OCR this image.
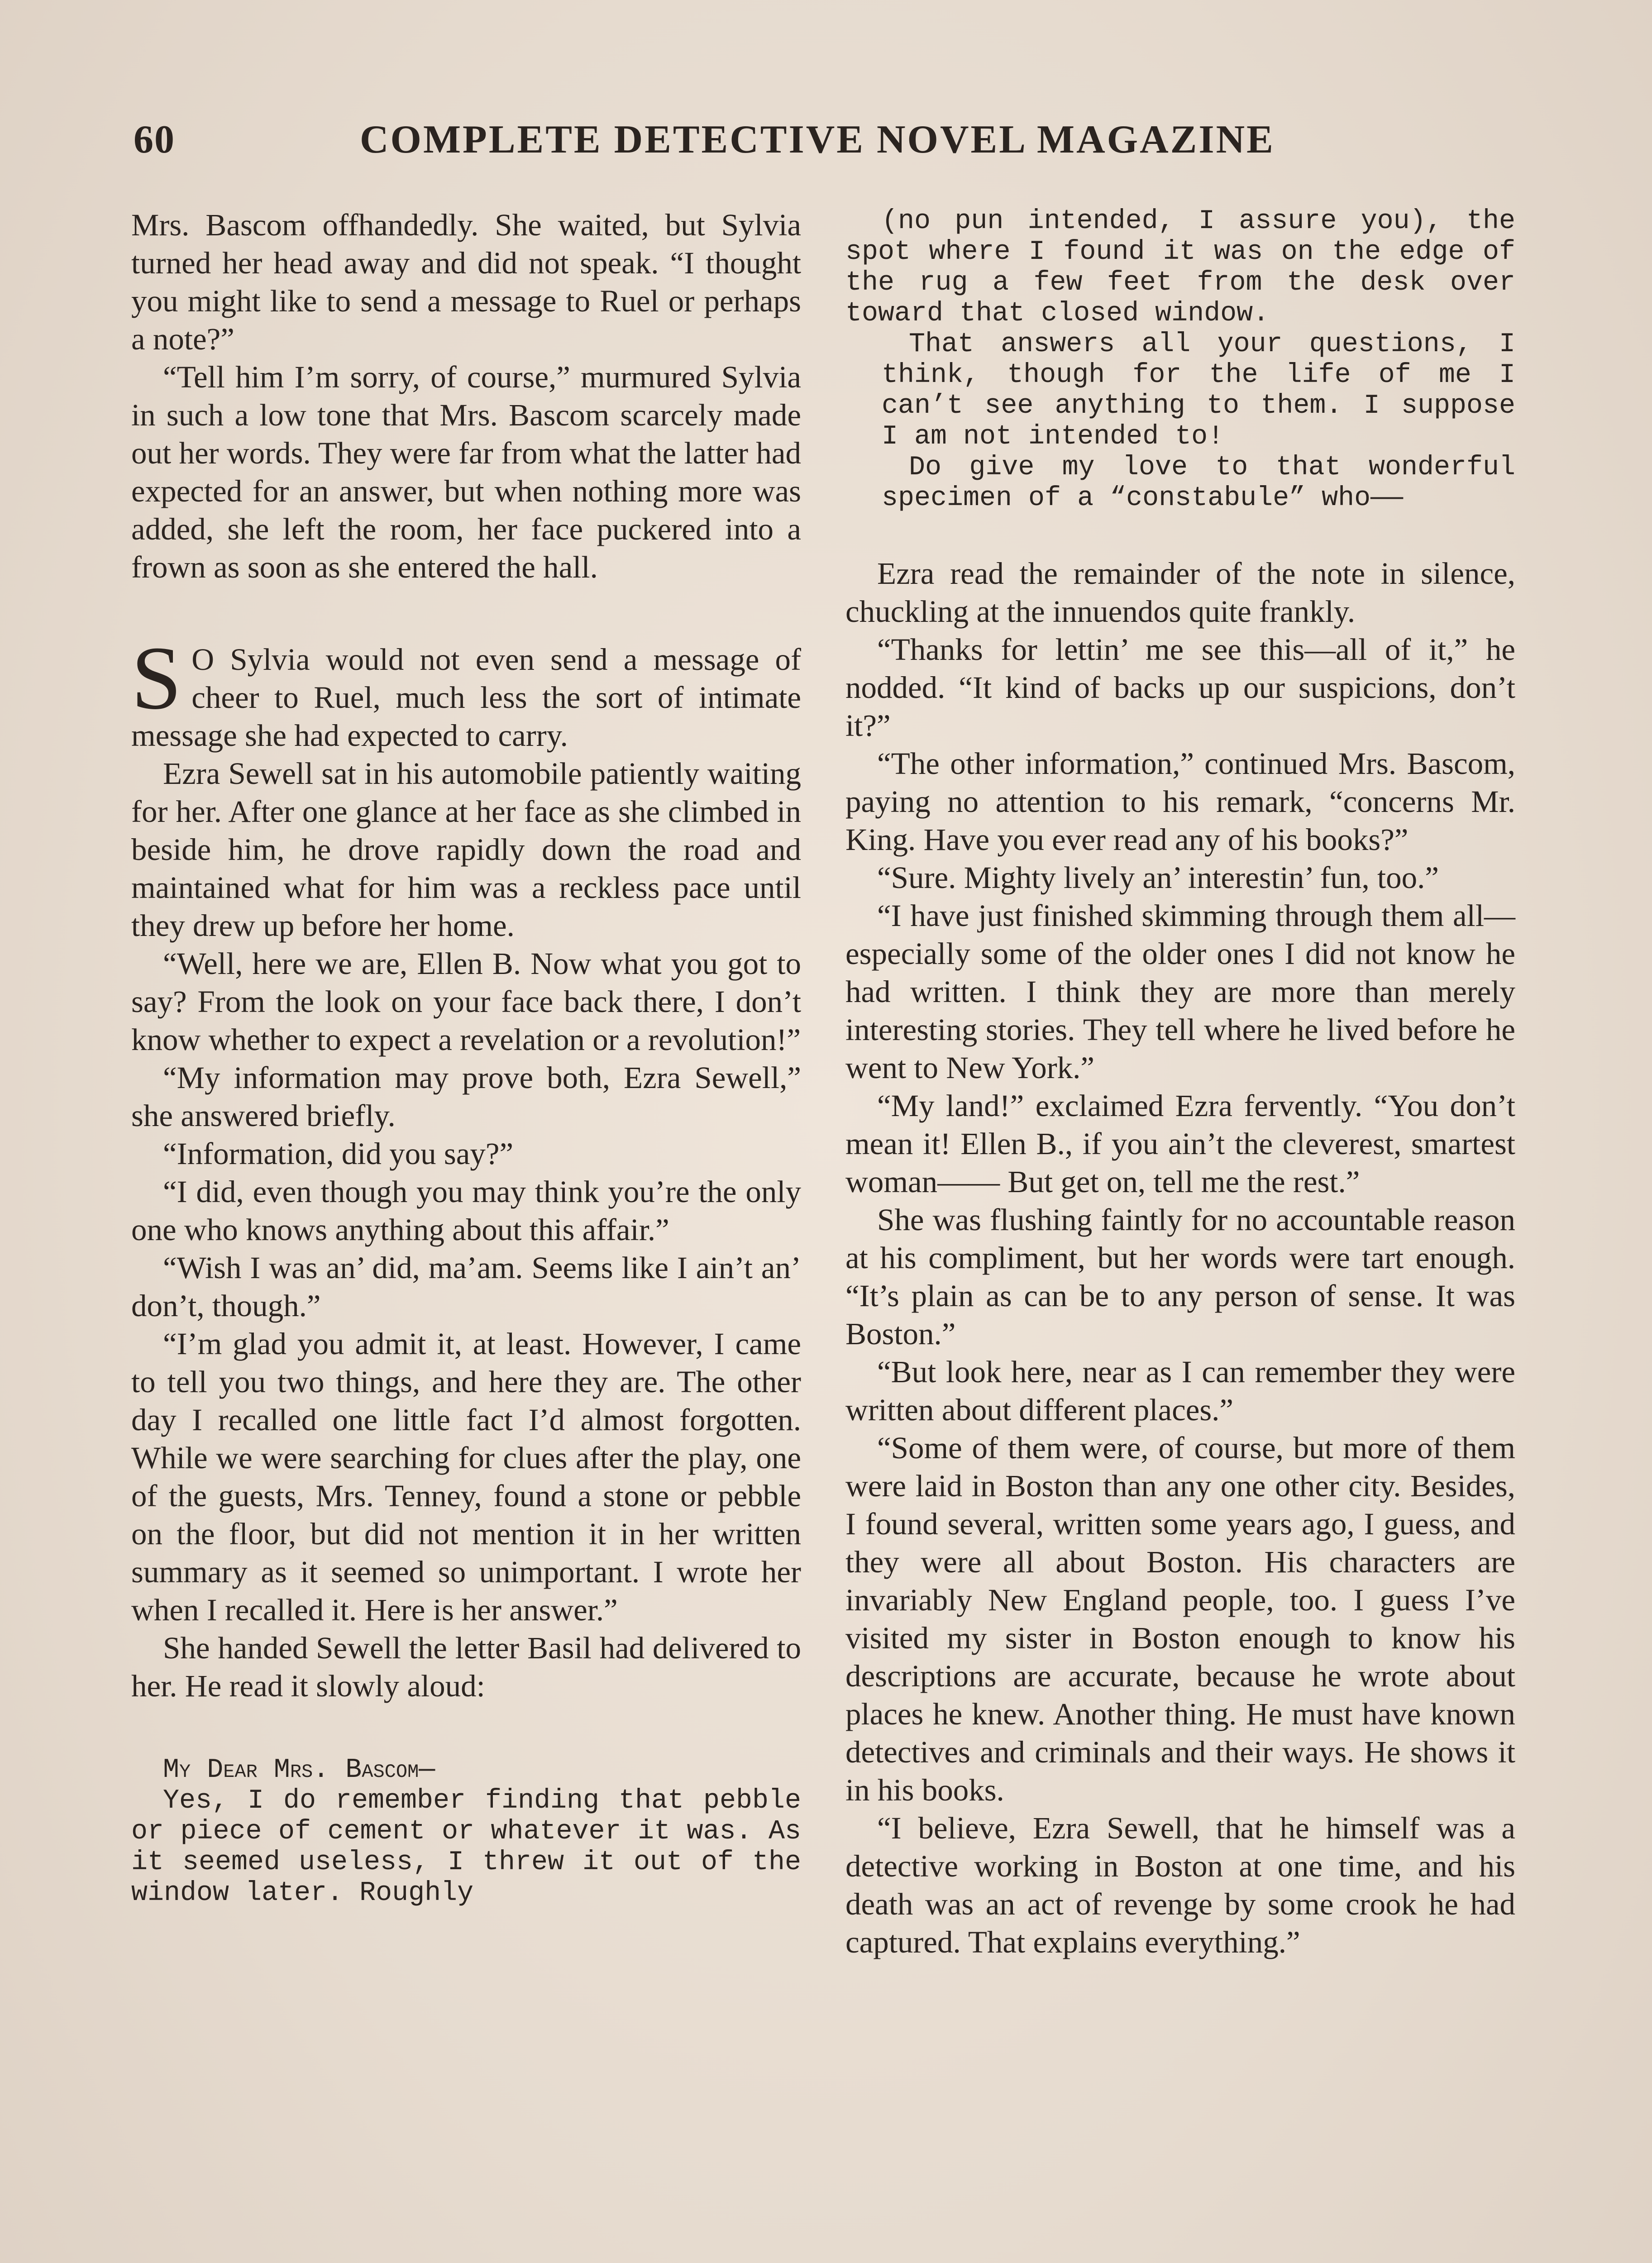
60	COMPLETE DETECTIVE NOVEL MAGAZINE

Mrs. Bascom offhandedly. She waited, but Sylvia turned her head away and did not speak. “I thought you might like to send a message to Ruel or perhaps a note?”

“Tell him I’m sorry, of course,” murmured Sylvia in such a low tone that Mrs. Bascom scarcely made out her words. They were far from what the latter had expected for an answer, but when nothing more was added, she left the room, her face puckered into a frown as soon as she entered the hall.

S O Sylvia would not even send a message of cheer to Ruel, much less the sort of intimate message she had expected to carry.

Ezra Sewell sat in his automobile patiently waiting for her. After one glance at her face as she climbed in beside him, he drove rapidly down the road and maintained what for him was a reckless pace until they drew up before her home.

“Well, here we are, Ellen B. Now what you got to say? From the look on your face back there, I don’t know whether to expect a revelation or a revolution!”

“My information may prove both, Ezra Sewell,” she answered briefly.

“Information, did you say?”

“I did, even though you may think you’re the only one who knows anything about this affair.”

“Wish I was an’ did, ma’am. Seems like I ain’t an’ don’t, though.”

“I’m glad you admit it, at least. However, I came to tell you two things, and here they are. The other day I recalled one little fact I’d almost forgotten. While we were searching for clues after the play, one of the guests, Mrs. Tenney, found a stone or pebble on the floor, but did not mention it in her written summary as it seemed so unimportant. I wrote her when I recalled it. Here is her answer.”

She handed Sewell the letter Basil had delivered to her. He read it slowly aloud:

My Dear Mrs. Bascom—

Yes, I do remember finding that pebble or piece of cement or whatever it was. As it seemed useless, I threw it out of the window later. Roughly

(no pun intended, I assure you), the spot where I found it was on the edge of the rug a few feet from the desk over toward that closed window.

That answers all your questions, I think, though for the life of me I can’t see anything to them. I suppose I am not intended to!

Do give my love to that wonderful specimen of a “constabule” who——

Ezra read the remainder of the note in silence, chuckling at the innuendos quite frankly.

“Thanks for lettin’ me see this—all of it,” he nodded. “It kind of backs up our suspicions, don’t it?”

“The other information,” continued Mrs. Bascom, paying no attention to his remark, “concerns Mr. King. Have you ever read any of his books?”

“Sure. Mighty lively an’ interestin’ fun, too.”

“I have just finished skimming through them all—especially some of the older ones I did not know he had written. I think they are more than merely interesting stories. They tell where he lived before he went to New York.”

“My land!” exclaimed Ezra fervently. “You don’t mean it! Ellen B., if you ain’t the cleverest, smartest woman—— But get on, tell me the rest.”

She was flushing faintly for no accountable reason at his compliment, but her words were tart enough. “It’s plain as can be to any person of sense. It was Boston.”

“But look here, near as I can remember they were written about different places.”

“Some of them were, of course, but more of them were laid in Boston than any one other city. Besides, I found several, written some years ago, I guess, and they were all about Boston. His characters are invariably New England people, too. I guess I’ve visited my sister in Boston enough to know his descriptions are accurate, because he wrote about places he knew. Another thing. He must have known detectives and criminals and their ways. He shows it in his books.

“I believe, Ezra Sewell, that he himself was a detective working in Boston at one time, and his death was an act of revenge by some crook he had captured. That explains everything.”
